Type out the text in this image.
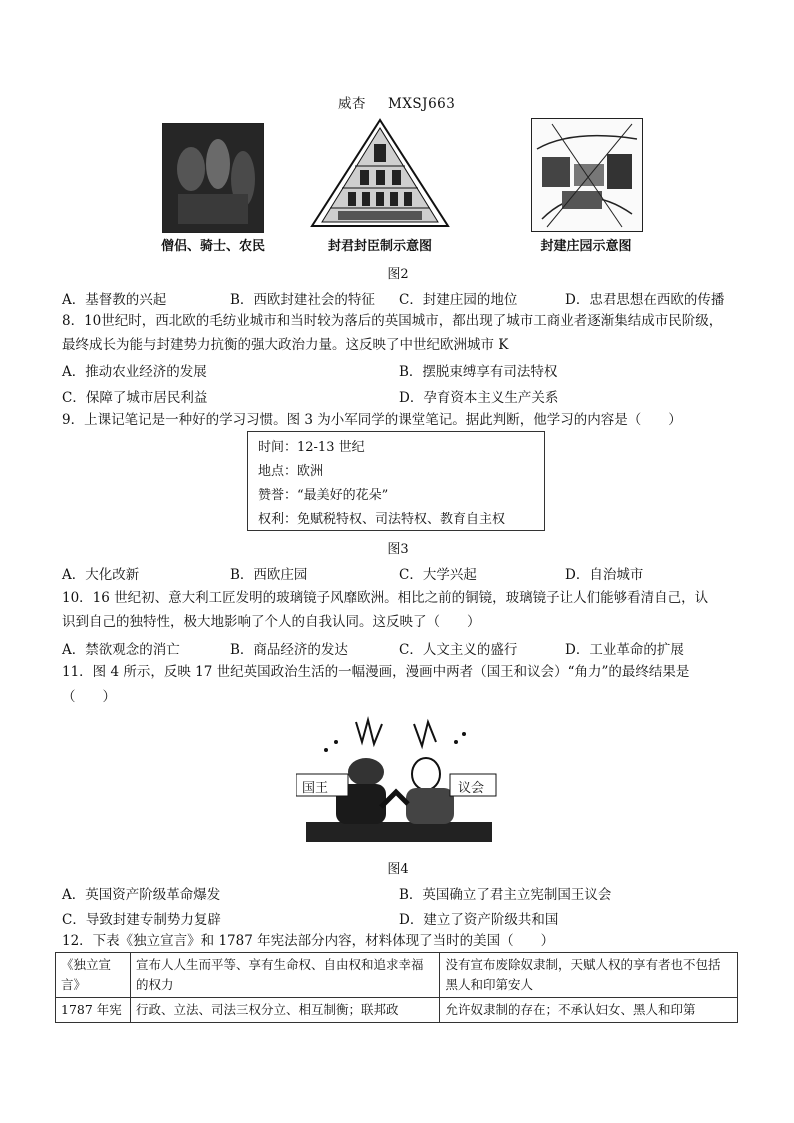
威杏 MXSJ663
僧侣、骑士、农民	封君封臣制示意图	封建庄园示意图
图2
A．基督教的兴起	B．西欧封建社会的特征 C．封建庄园的地位	D．忠君思想在西欧的传播
8．10世纪时，西北欧的毛纺业城市和当时较为落后的英国城市，都出现了城市工商业者逐渐集结成市民阶级，
最终成长为能与封建势力抗衡的强大政治力量。这反映了中世纪欧洲城市 K
A．推动农业经济的发展	B．摆脱束缚享有司法特权
C．保障了城市居民利益	D．孕育资本主义生产关系
9．上课记笔记是一种好的学习习惯。图 3 为小军同学的课堂笔记。据此判断，他学习的内容是（　　）
时间：12-13 世纪
地点：欧洲
赞誉：“最美好的花朵”
权利：免赋税特权、司法特权、教育自主权
图3
A．大化改新	B．西欧庄园	C．大学兴起	D．自治城市
10．16 世纪初、意大利工匠发明的玻璃镜子风靡欧洲。相比之前的铜镜，玻璃镜子让人们能够看清自己，认
识到自己的独特性，极大地影响了个人的自我认同。这反映了（　　）
A．禁欲观念的消亡	B．商品经济的发达	C．人文主义的盛行	D．工业革命的扩展
11．图 4 所示，反映 17 世纪英国政治生活的一幅漫画，漫画中两者（国王和议会）“角力”的最终结果是
（　　）
国王	议会
图4
A．英国资产阶级革命爆发	B．英国确立了君主立宪制国王议会
C．导致封建专制势力复辟	D．建立了资产阶级共和国
12．下表《独立宣言》和 1787 年宪法部分内容，材料体现了当时的美国（　　）
《独立宣言》	宣布人人生而平等、享有生命权、自由权和追求幸福的权力	没有宣布废除奴隶制，天赋人权的享有者也不包括黑人和印第安人
1787 年宪	行政、立法、司法三权分立、相互制衡；联邦政	允许奴隶制的存在；不承认妇女、黑人和印第
